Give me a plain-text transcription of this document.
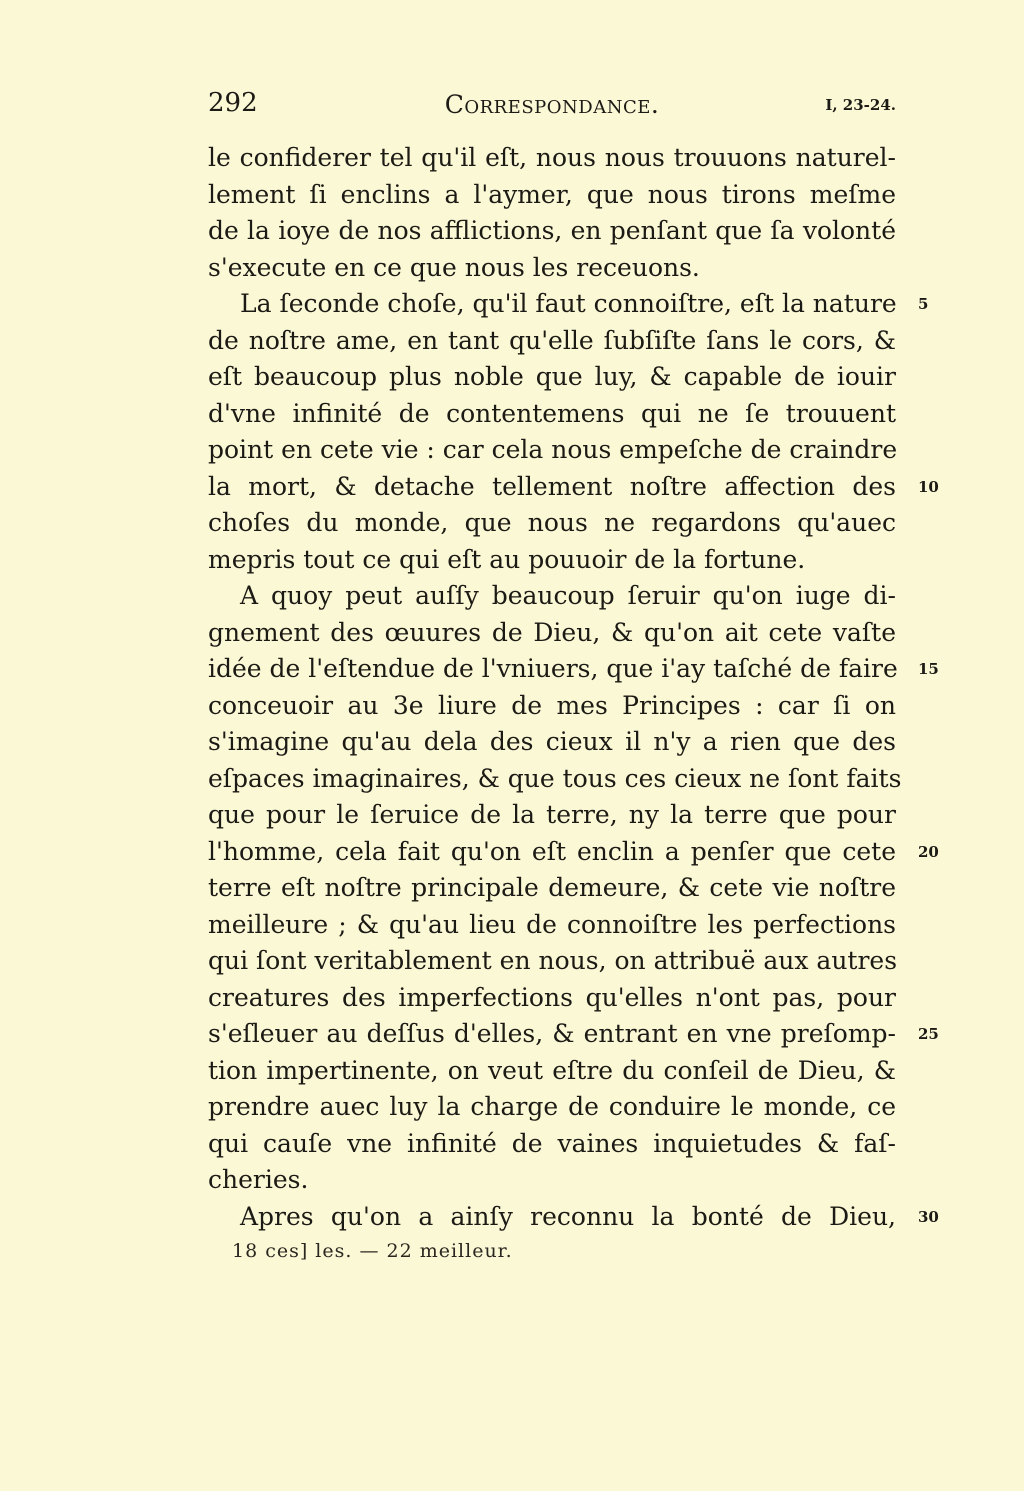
292	Correspondance.	I, 23-24.
le confiderer tel qu'il eſt, nous nous trouuons naturel-
lement ſi enclins a l'aymer, que nous tirons meſme
de la ioye de nos afflictions, en penſant que ſa volonté
s'execute en ce que nous les receuons.
La ſeconde choſe, qu'il faut connoiſtre, eſt la nature 5
de noſtre ame, en tant qu'elle ſubſiſte ſans le cors, &
eſt beaucoup plus noble que luy, & capable de iouir
d'vne infinité de contentemens qui ne ſe trouuent
point en cete vie : car cela nous empeſche de craindre
la mort, & detache tellement noſtre affection des 10
choſes du monde, que nous ne regardons qu'auec
mepris tout ce qui eſt au pouuoir de la fortune.
A quoy peut auſſy beaucoup ſeruir qu'on iuge di-
gnement des œuures de Dieu, & qu'on ait cete vaſte
idée de l'eſtendue de l'vniuers, que i'ay taſché de faire 15
conceuoir au 3e liure de mes Principes : car ſi on
s'imagine qu'au dela des cieux il n'y a rien que des
eſpaces imaginaires, & que tous ces cieux ne ſont faits
que pour le ſeruice de la terre, ny la terre que pour
l'homme, cela fait qu'on eſt enclin a penſer que cete 20
terre eſt noſtre principale demeure, & cete vie noſtre
meilleure ; & qu'au lieu de connoiſtre les perfections
qui ſont veritablement en nous, on attribuë aux autres
creatures des imperfections qu'elles n'ont pas, pour
s'eſleuer au deſſus d'elles, & entrant en vne preſomp- 25
tion impertinente, on veut eſtre du conſeil de Dieu, &
prendre auec luy la charge de conduire le monde, ce
qui cauſe vne infinité de vaines inquietudes & faſ-
cheries.
Apres qu'on a ainſy reconnu la bonté de Dieu, 30
18 ces] les. — 22 meilleur.
